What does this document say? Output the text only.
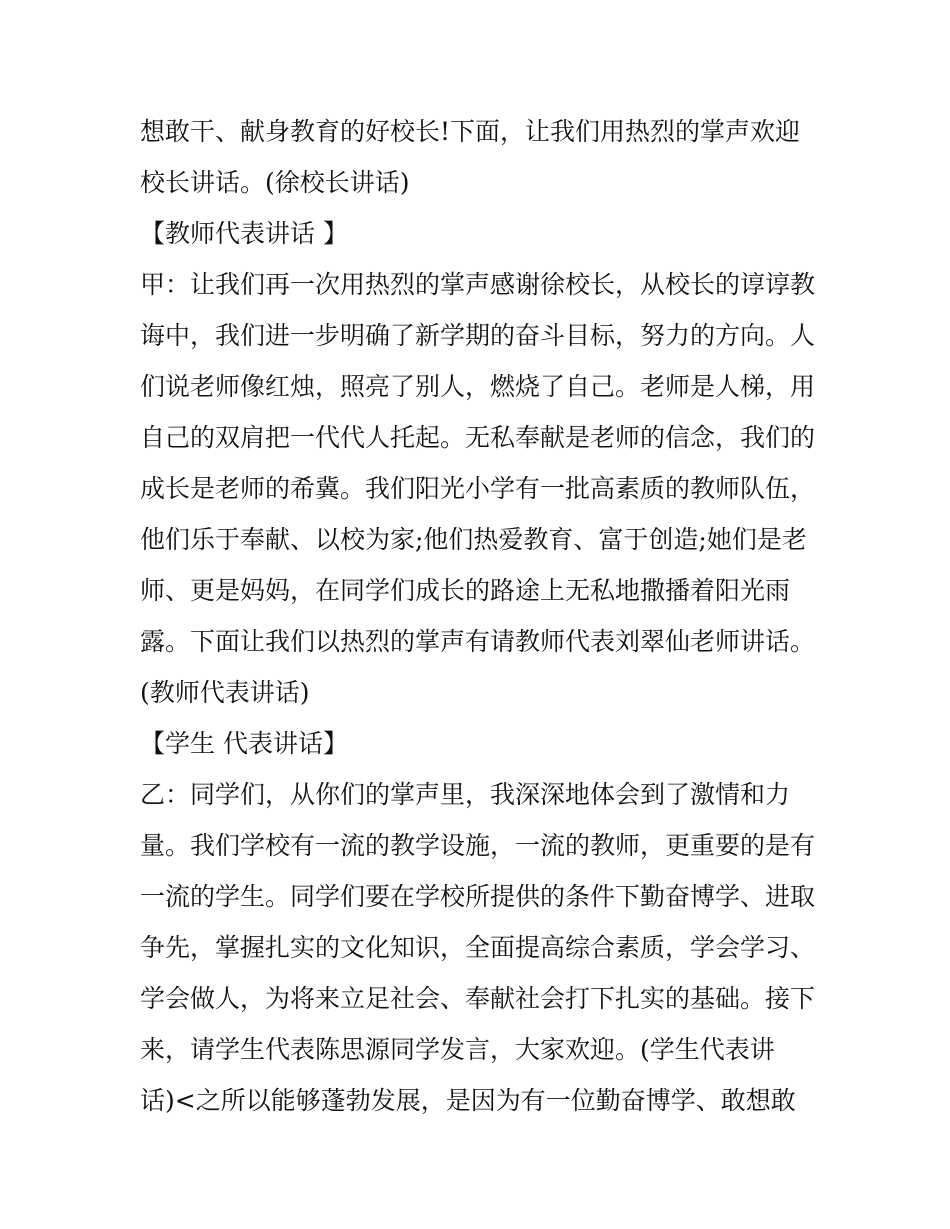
想敢干、献身教育的好校长!下面，让我们用热烈的掌声欢迎
校长讲话。(徐校长讲话)
【教师代表讲话 】
甲：让我们再一次用热烈的掌声感谢徐校长，从校长的谆谆教
诲中，我们进一步明确了新学期的奋斗目标，努力的方向。人
们说老师像红烛，照亮了别人，燃烧了自己。老师是人梯，用
自己的双肩把一代代人托起。无私奉献是老师的信念，我们的
成长是老师的希冀。我们阳光小学有一批高素质的教师队伍，
他们乐于奉献、以校为家;他们热爱教育、富于创造;她们是老
师、更是妈妈，在同学们成长的路途上无私地撒播着阳光雨
露。下面让我们以热烈的掌声有请教师代表刘翠仙老师讲话。
(教师代表讲话)
【学生 代表讲话】
乙：同学们，从你们的掌声里，我深深地体会到了激情和力
量。我们学校有一流的教学设施，一流的教师，更重要的是有
一流的学生。同学们要在学校所提供的条件下勤奋博学、进取
争先，掌握扎实的文化知识，全面提高综合素质，学会学习、
学会做人，为将来立足社会、奉献社会打下扎实的基础。接下
来，请学生代表陈思源同学发言，大家欢迎。(学生代表讲
话)<之所以能够蓬勃发展，是因为有一位勤奋博学、敢想敢
